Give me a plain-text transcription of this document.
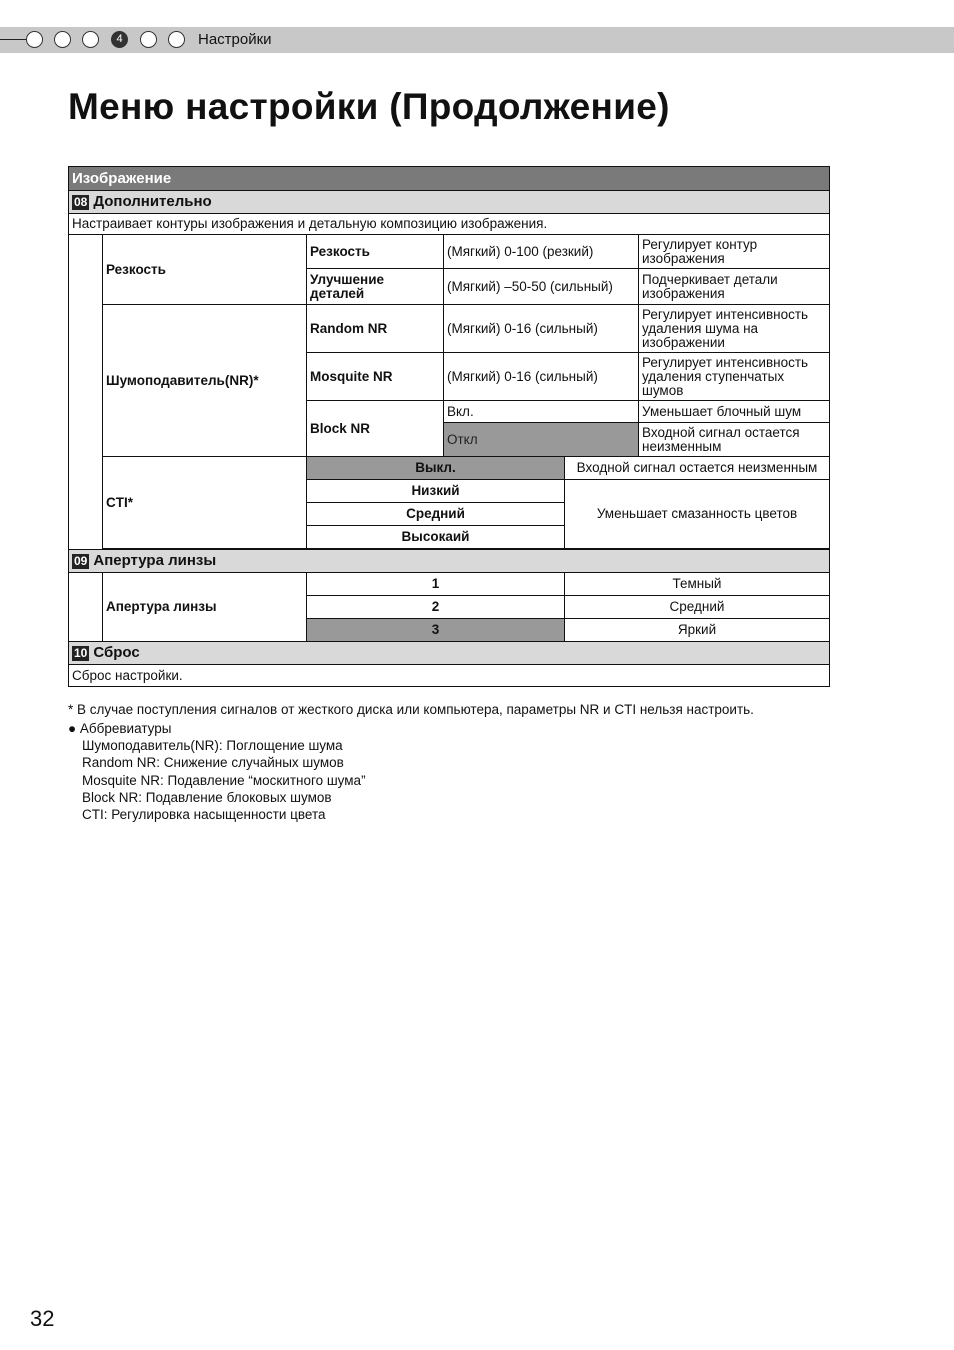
4	Настройки
Меню настройки (Продолжение)
Изображение					
08 Дополнительно					
Настраивает контуры изображения и детальную композицию изображения.					
	Резкость	Резкость	(Мягкий) 0-100 (резкий)		Регулирует контур изображения
		Улучшение деталей	(Мягкий) –50-50 (сильный)		Подчеркивает детали изображения
	Шумоподавитель(NR)*	Random NR	(Мягкий) 0-16 (сильный)		Регулирует интенсивность удаления шума на изображении
		Mosquite NR	(Мягкий) 0-16 (сильный)		Регулирует интенсивность удаления ступенчатых шумов
		Block NR	Вкл.		Уменьшает блочный шум
			Откл		Входной сигнал остается неизменным
	CTI*	Выкл.		Входной сигнал остается неизменным	
		Низкий		Уменьшает смазанность цветов	
		Средний			
		Высокаий			

09 Апертура линзы					
	Апертура линзы	1		Темный	
		2		Средний	
		3		Яркий	
10 Сброс					
Сброс настройки.					
* В случае поступления сигналов от жесткого диска или компьютера, параметры NR и CTI нельзя настроить.
● Аббревиатуры
Шумоподавитель(NR): Поглощение шума
Random NR: Снижение случайных шумов
Mosquite NR: Подавление “москитного шума”
Block NR: Подавление блоковых шумов
CTI: Регулировка насыщенности цвета
32
